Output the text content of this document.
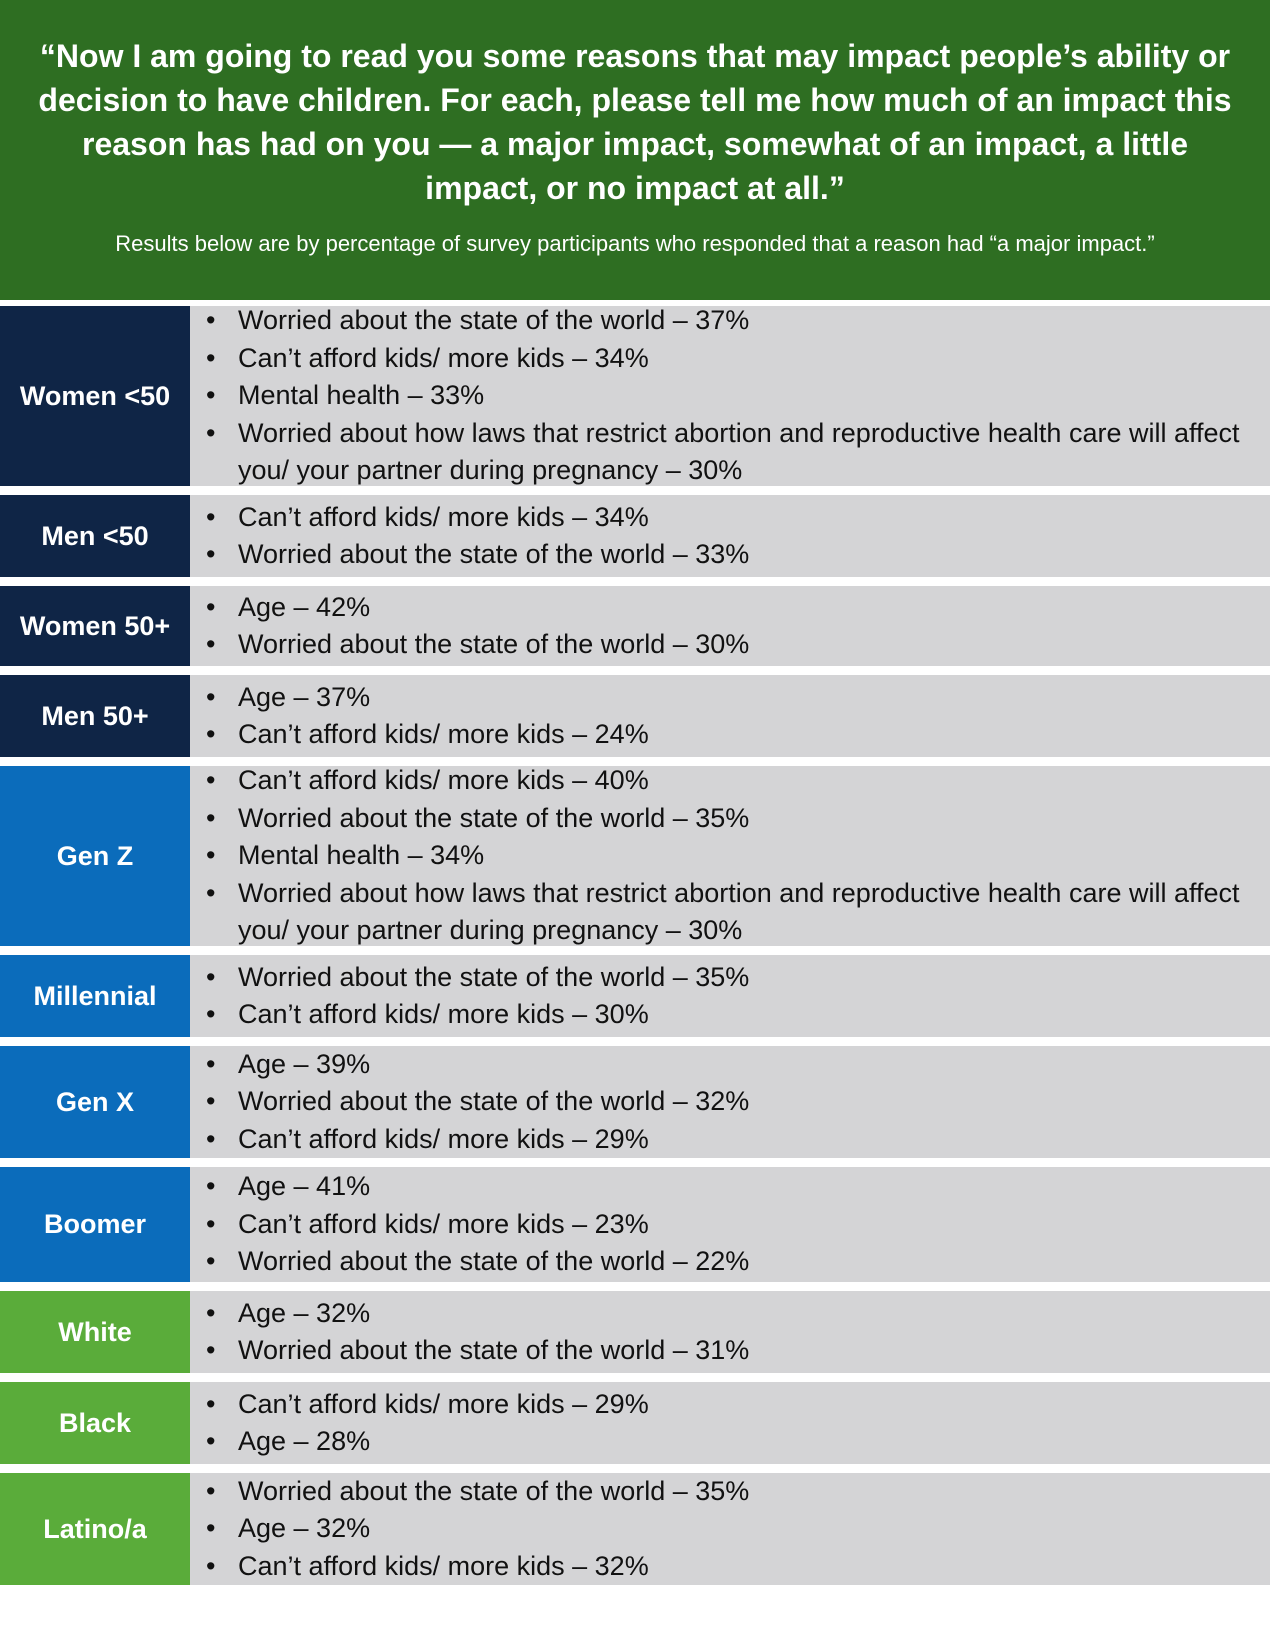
“Now I am going to read you some reasons that may impact people’s ability or decision to have children. For each, please tell me how much of an impact this reason has had on you — a major impact, somewhat of an impact, a little impact, or no impact at all.”

Results below are by percentage of survey participants who responded that a reason had “a major impact.”
Women <50
• Worried about the state of the world – 37%
• Can’t afford kids/ more kids – 34%
• Mental health – 33%
• Worried about how laws that restrict abortion and reproductive health care will affect you/ your partner during pregnancy – 30%
Men <50
• Can’t afford kids/ more kids – 34%
• Worried about the state of the world – 33%
Women 50+
• Age – 42%
• Worried about the state of the world – 30%
Men 50+
• Age – 37%
• Can’t afford kids/ more kids – 24%
Gen Z
• Can’t afford kids/ more kids – 40%
• Worried about the state of the world – 35%
• Mental health – 34%
• Worried about how laws that restrict abortion and reproductive health care will affect you/ your partner during pregnancy – 30%
Millennial
• Worried about the state of the world – 35%
• Can’t afford kids/ more kids – 30%
Gen X
• Age – 39%
• Worried about the state of the world – 32%
• Can’t afford kids/ more kids – 29%
Boomer
• Age – 41%
• Can’t afford kids/ more kids – 23%
• Worried about the state of the world – 22%
White
• Age – 32%
• Worried about the state of the world – 31%
Black
• Can’t afford kids/ more kids – 29%
• Age – 28%
Latino/a
• Worried about the state of the world – 35%
• Age – 32%
• Can’t afford kids/ more kids – 32%
